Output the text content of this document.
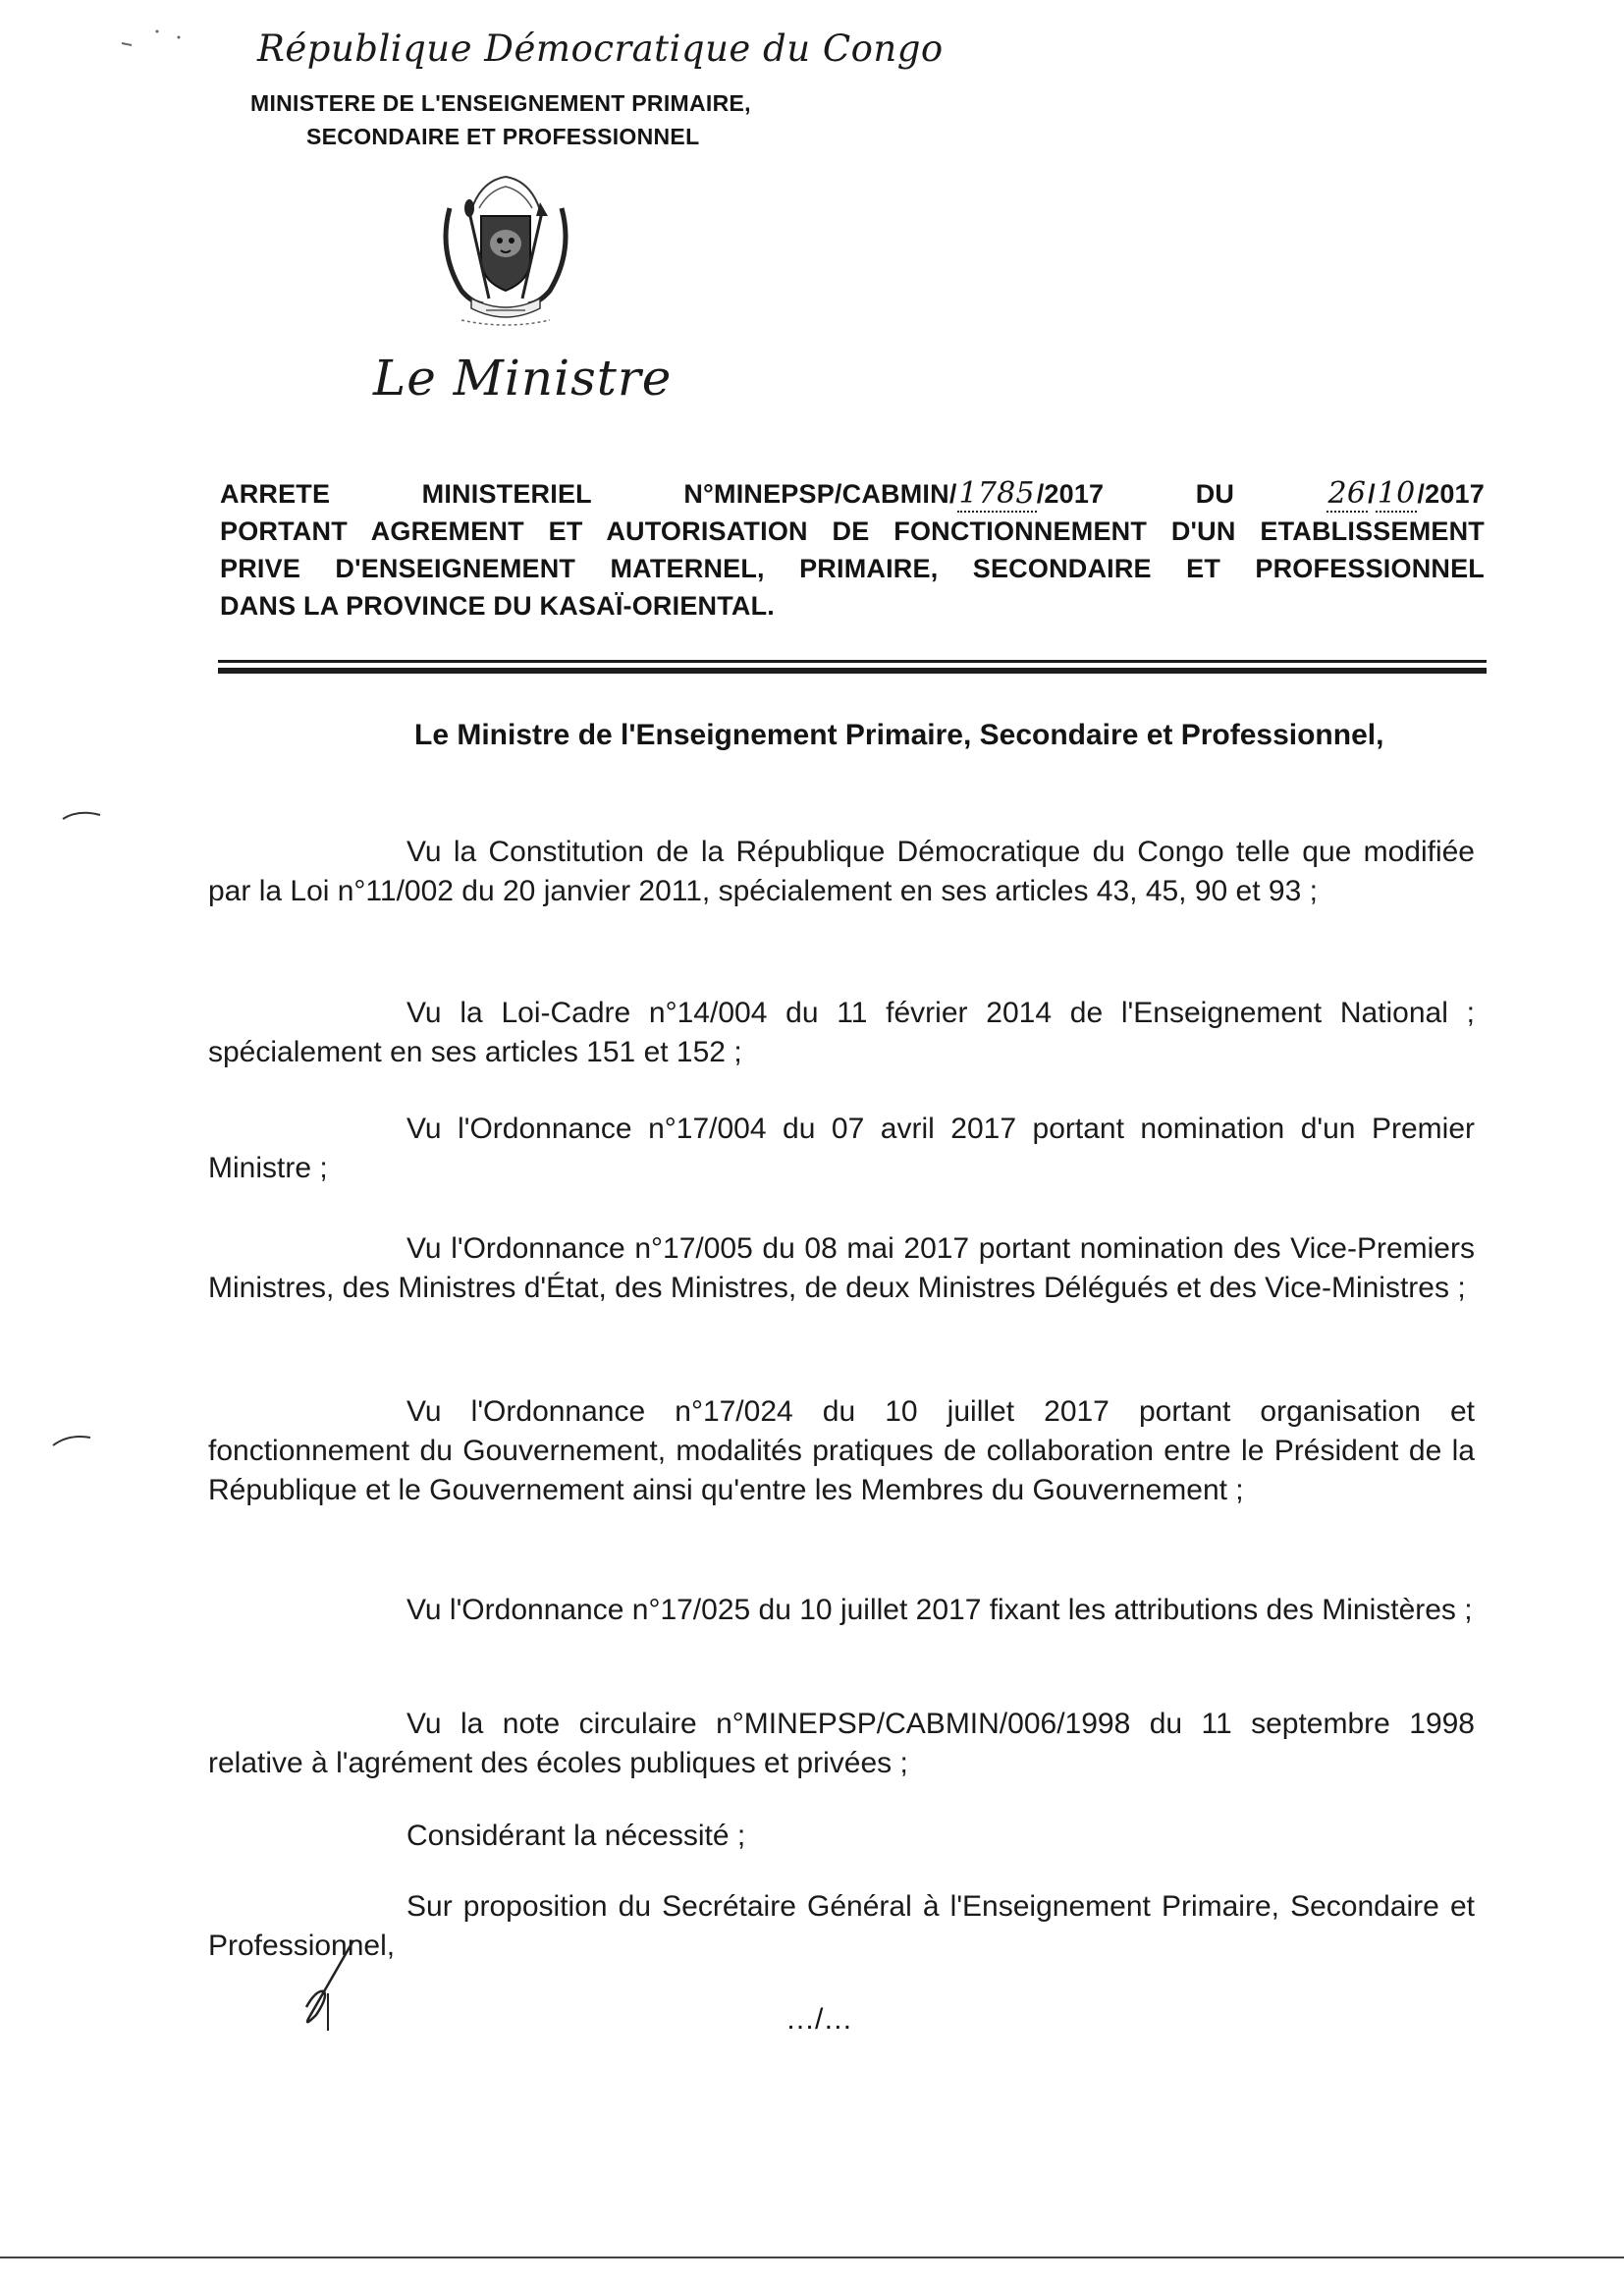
République Démocratique du Congo
MINISTERE DE L'ENSEIGNEMENT PRIMAIRE,
SECONDAIRE ET PROFESSIONNEL
Le Ministre
ARRETE	MINISTERIEL	N°MINEPSP/CABMIN/1785/2017	DU	26/10/2017
PORTANT AGREMENT ET AUTORISATION DE FONCTIONNEMENT D'UN ETABLISSEMENT
PRIVE D'ENSEIGNEMENT MATERNEL, PRIMAIRE, SECONDAIRE ET PROFESSIONNEL
DANS LA PROVINCE DU KASAÏ-ORIENTAL.
Le Ministre de l'Enseignement Primaire, Secondaire et Professionnel,
Vu la Constitution de la République Démocratique du Congo telle que modifiée par la Loi n°11/002 du 20 janvier 2011, spécialement en ses articles 43, 45, 90 et 93 ;
Vu la Loi-Cadre n°14/004 du 11 février 2014 de l'Enseignement National ; spécialement en ses articles 151 et 152 ;
Vu l'Ordonnance n°17/004 du 07 avril 2017 portant nomination d'un Premier Ministre ;
Vu l'Ordonnance n°17/005 du 08 mai 2017 portant nomination des Vice-Premiers Ministres, des Ministres d'État, des Ministres, de deux Ministres Délégués et des Vice-Ministres ;
Vu l'Ordonnance n°17/024 du 10 juillet 2017 portant organisation et fonctionnement du Gouvernement, modalités pratiques de collaboration entre le Président de la République et le Gouvernement ainsi qu'entre les Membres du Gouvernement ;
Vu l'Ordonnance n°17/025 du 10 juillet 2017 fixant les attributions des Ministères ;
Vu la note circulaire n°MINEPSP/CABMIN/006/1998 du 11 septembre 1998 relative à l'agrément des écoles publiques et privées ;
Considérant la nécessité ;
Sur proposition du Secrétaire Général à l'Enseignement Primaire, Secondaire et Professionnel,
…/…
